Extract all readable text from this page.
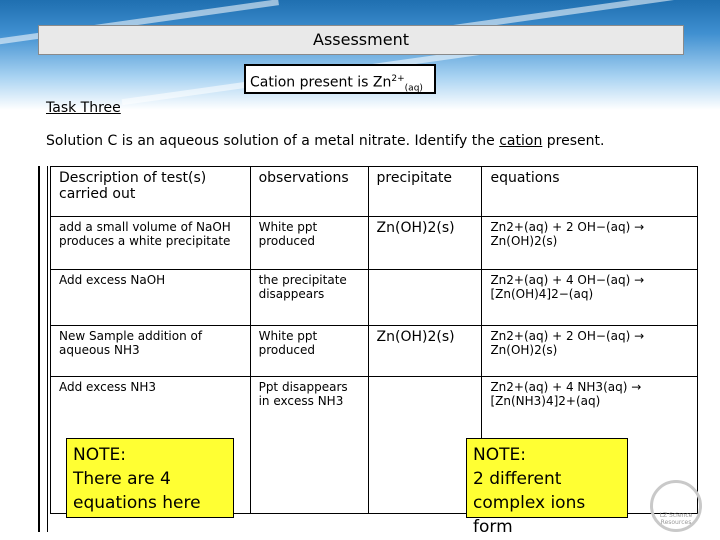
Assessment
Cation present is $Zn^{2+}_{(aq)}$
Task Three
Solution C is an aqueous solution of a metal nitrate. Identify the cation present.
Description of test(s) carried out	observations	precipitate	equations
add a small volume of NaOH produces a white precipitate	White ppt produced	Zn(OH)2(s)	Zn2+(aq) + 2 OH−(aq) → Zn(OH)2(s)
Add excess NaOH	the precipitate disappears		Zn2+(aq) + 4 OH−(aq) → [Zn(OH)4]2−(aq)
New Sample addition of aqueous NH3	White ppt produced	Zn(OH)2(s)	Zn2+(aq) + 2 OH−(aq) → Zn(OH)2(s)
Add excess NH3	Ppt disappears in excess NH3		Zn2+(aq) + 4 NH3(aq) → [Zn(NH3)4]2+(aq)
NOTE:
There are 4
equations here
NOTE:
2 different
complex ions form
LZ Science Resources
